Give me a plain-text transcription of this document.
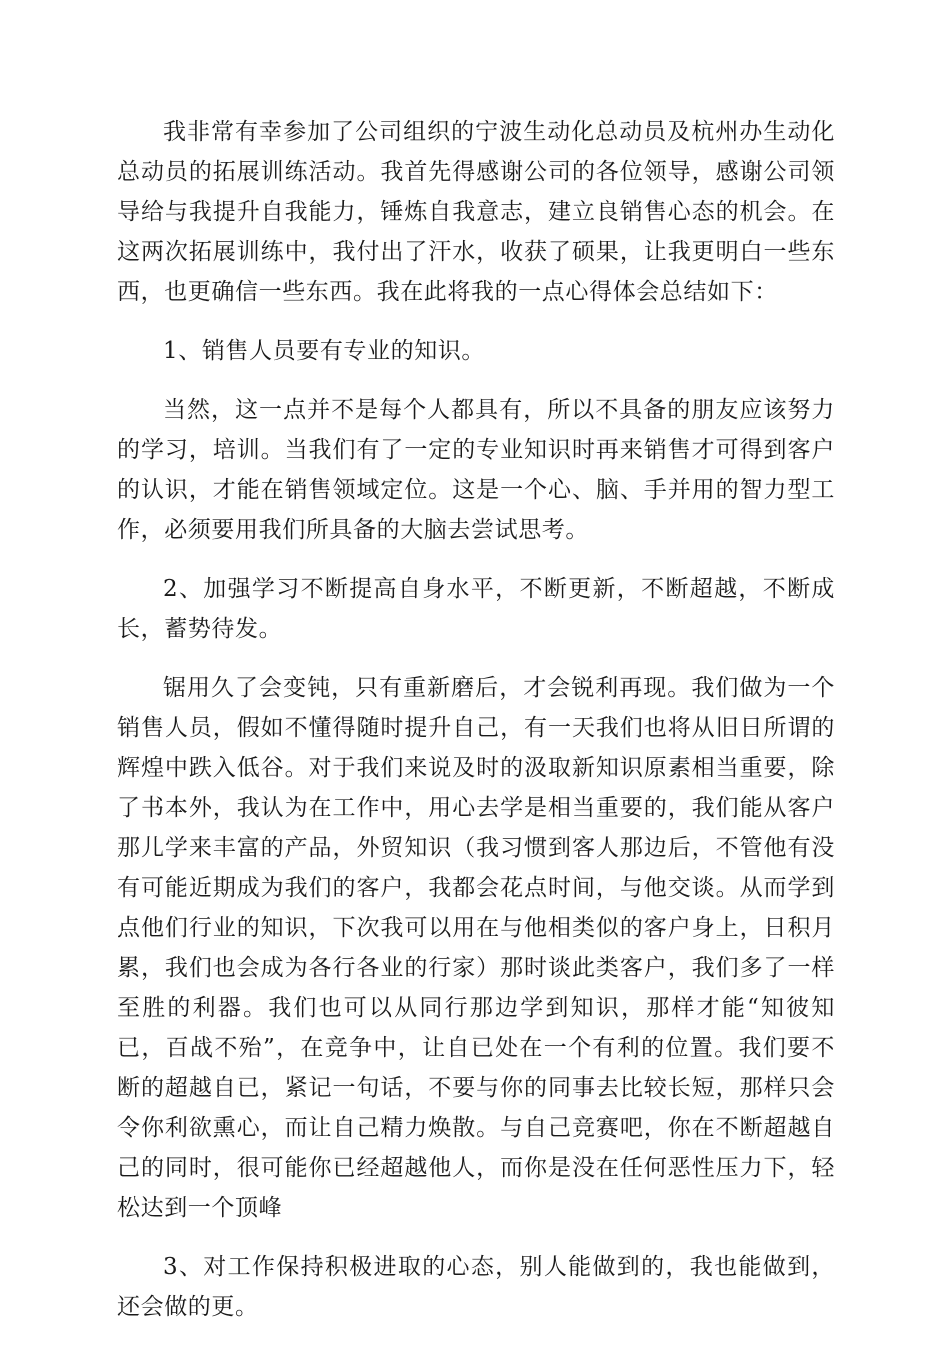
我非常有幸参加了公司组织的宁波生动化总动员及杭州办生动化总动员的拓展训练活动。我首先得感谢公司的各位领导，感谢公司领导给与我提升自我能力，锤炼自我意志，建立良销售心态的机会。在这两次拓展训练中，我付出了汗水，收获了硕果，让我更明白一些东西，也更确信一些东西。我在此将我的一点心得体会总结如下：

1、销售人员要有专业的知识。

当然，这一点并不是每个人都具有，所以不具备的朋友应该努力的学习，培训。当我们有了一定的专业知识时再来销售才可得到客户的认识，才能在销售领域定位。这是一个心、脑、手并用的智力型工作，必须要用我们所具备的大脑去尝试思考。

2、加强学习不断提高自身水平，不断更新，不断超越，不断成长，蓄势待发。

锯用久了会变钝，只有重新磨后，才会锐利再现。我们做为一个销售人员，假如不懂得随时提升自己，有一天我们也将从旧日所谓的辉煌中跌入低谷。对于我们来说及时的汲取新知识原素相当重要，除了书本外，我认为在工作中，用心去学是相当重要的，我们能从客户那儿学来丰富的产品，外贸知识（我习惯到客人那边后，不管他有没有可能近期成为我们的客户，我都会花点时间，与他交谈。从而学到点他们行业的知识，下次我可以用在与他相类似的客户身上，日积月累，我们也会成为各行各业的行家）那时谈此类客户，我们多了一样至胜的利器。我们也可以从同行那边学到知识，那样才能“知彼知已，百战不殆”，在竞争中，让自已处在一个有利的位置。我们要不断的超越自已，紧记一句话，不要与你的同事去比较长短，那样只会令你利欲熏心，而让自己精力焕散。与自己竞赛吧，你在不断超越自己的同时，很可能你已经超越他人，而你是没在任何恶性压力下，轻松达到一个顶峰

3、对工作保持积极进取的心态，别人能做到的，我也能做到，还会做的更。
